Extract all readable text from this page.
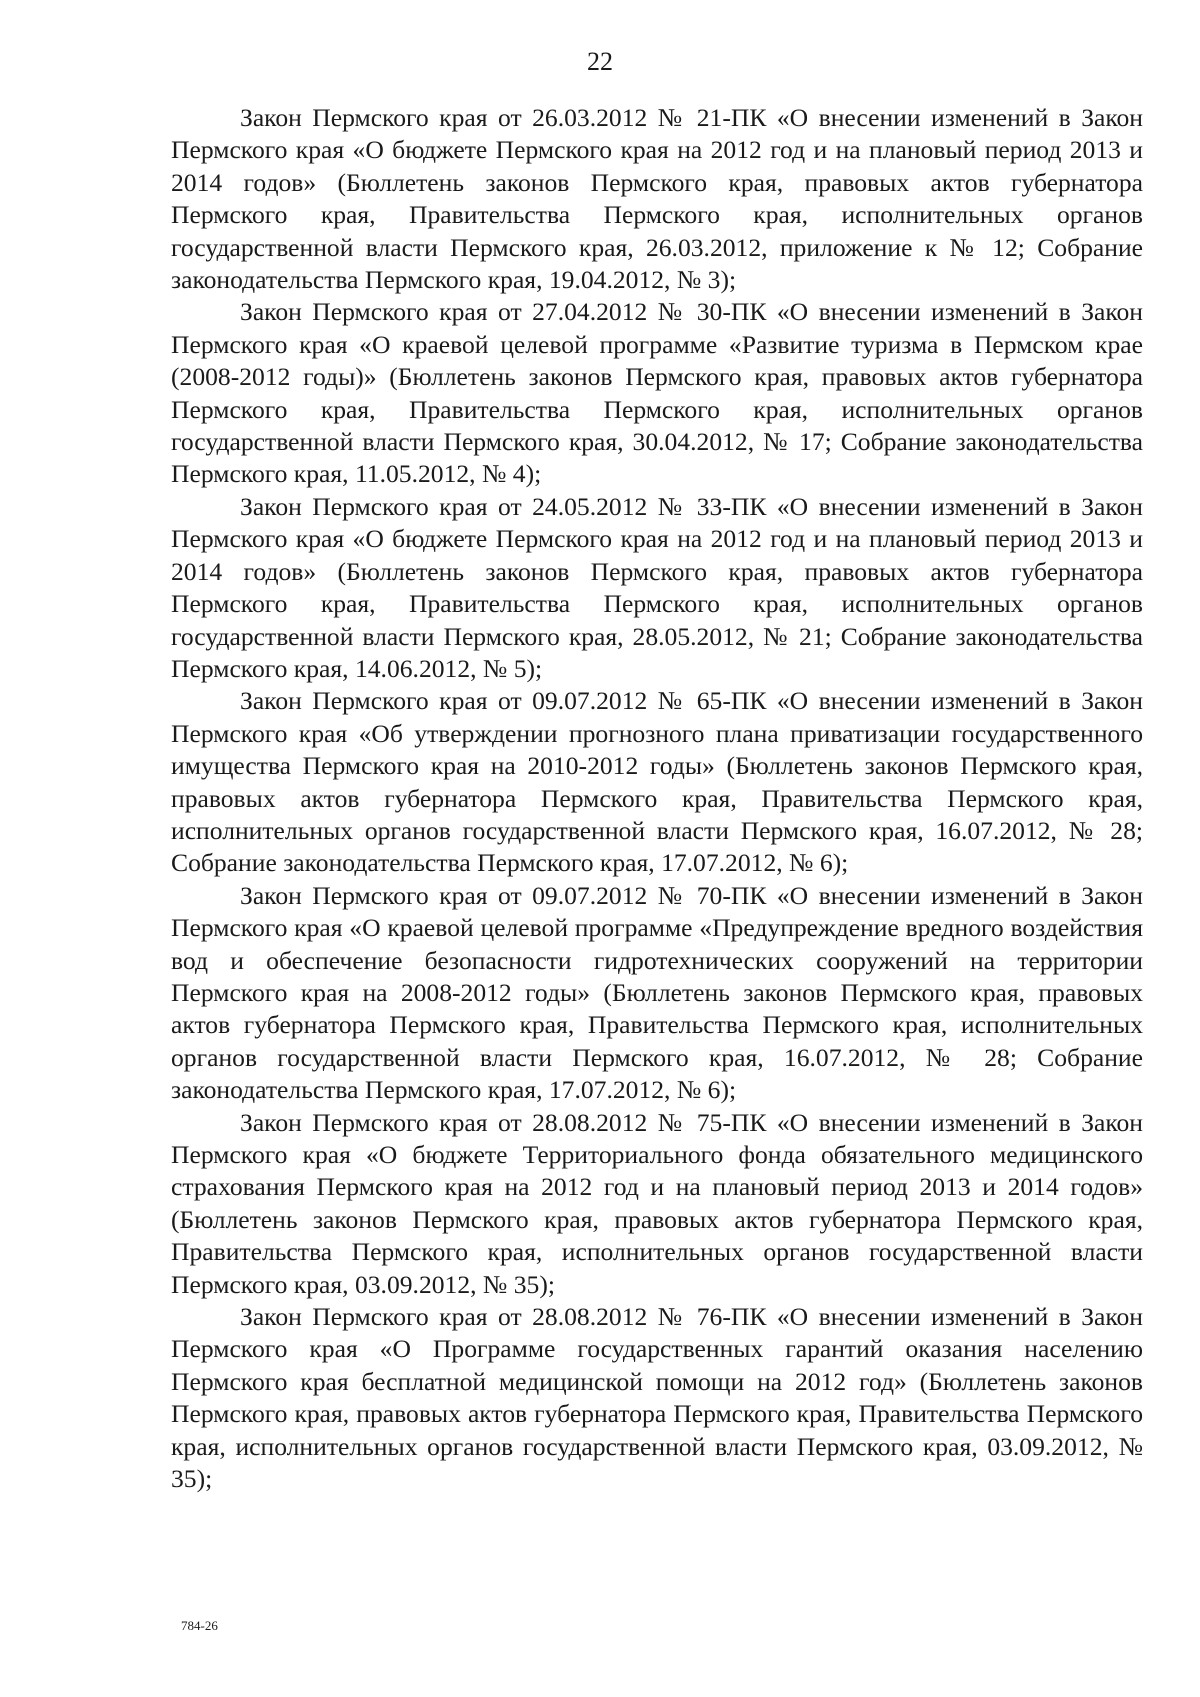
22

Закон Пермского края от 26.03.2012 № 21-ПК «О внесении изменений в Закон Пермского края «О бюджете Пермского края на 2012 год и на плановый период 2013 и 2014 годов» (Бюллетень законов Пермского края, правовых актов губернатора Пермского края, Правительства Пермского края, исполнительных органов государственной власти Пермского края, 26.03.2012, приложение к № 12; Собрание законодательства Пермского края, 19.04.2012, № 3);

Закон Пермского края от 27.04.2012 № 30-ПК «О внесении изменений в Закон Пермского края «О краевой целевой программе «Развитие туризма в Пермском крае (2008-2012 годы)» (Бюллетень законов Пермского края, правовых актов губернатора Пермского края, Правительства Пермского края, исполнительных органов государственной власти Пермского края, 30.04.2012, № 17; Собрание законодательства Пермского края, 11.05.2012, № 4);

Закон Пермского края от 24.05.2012 № 33-ПК «О внесении изменений в Закон Пермского края «О бюджете Пермского края на 2012 год и на плановый период 2013 и 2014 годов» (Бюллетень законов Пермского края, правовых актов губернатора Пермского края, Правительства Пермского края, исполнительных органов государственной власти Пермского края, 28.05.2012, № 21; Собрание законодательства Пермского края, 14.06.2012, № 5);

Закон Пермского края от 09.07.2012 № 65-ПК «О внесении изменений в Закон Пермского края «Об утверждении прогнозного плана приватизации государственного имущества Пермского края на 2010-2012 годы» (Бюллетень законов Пермского края, правовых актов губернатора Пермского края, Правительства Пермского края, исполнительных органов государственной власти Пермского края, 16.07.2012, № 28; Собрание законодательства Пермского края, 17.07.2012, № 6);

Закон Пермского края от 09.07.2012 № 70-ПК «О внесении изменений в Закон Пермского края «О краевой целевой программе «Предупреждение вредного воздействия вод и обеспечение безопасности гидротехнических сооружений на территории Пермского края на 2008-2012 годы» (Бюллетень законов Пермского края, правовых актов губернатора Пермского края, Правительства Пермского края, исполнительных органов государственной власти Пермского края, 16.07.2012, № 28; Собрание законодательства Пермского края, 17.07.2012, № 6);

Закон Пермского края от 28.08.2012 № 75-ПК «О внесении изменений в Закон Пермского края «О бюджете Территориального фонда обязательного медицинского страхования Пермского края на 2012 год и на плановый период 2013 и 2014 годов» (Бюллетень законов Пермского края, правовых актов губернатора Пермского края, Правительства Пермского края, исполнительных органов государственной власти Пермского края, 03.09.2012, № 35);

Закон Пермского края от 28.08.2012 № 76-ПК «О внесении изменений в Закон Пермского края «О Программе государственных гарантий оказания населению Пермского края бесплатной медицинской помощи на 2012 год» (Бюллетень законов Пермского края, правовых актов губернатора Пермского края, Правительства Пермского края, исполнительных органов государственной власти Пермского края, 03.09.2012, № 35);

784-26
